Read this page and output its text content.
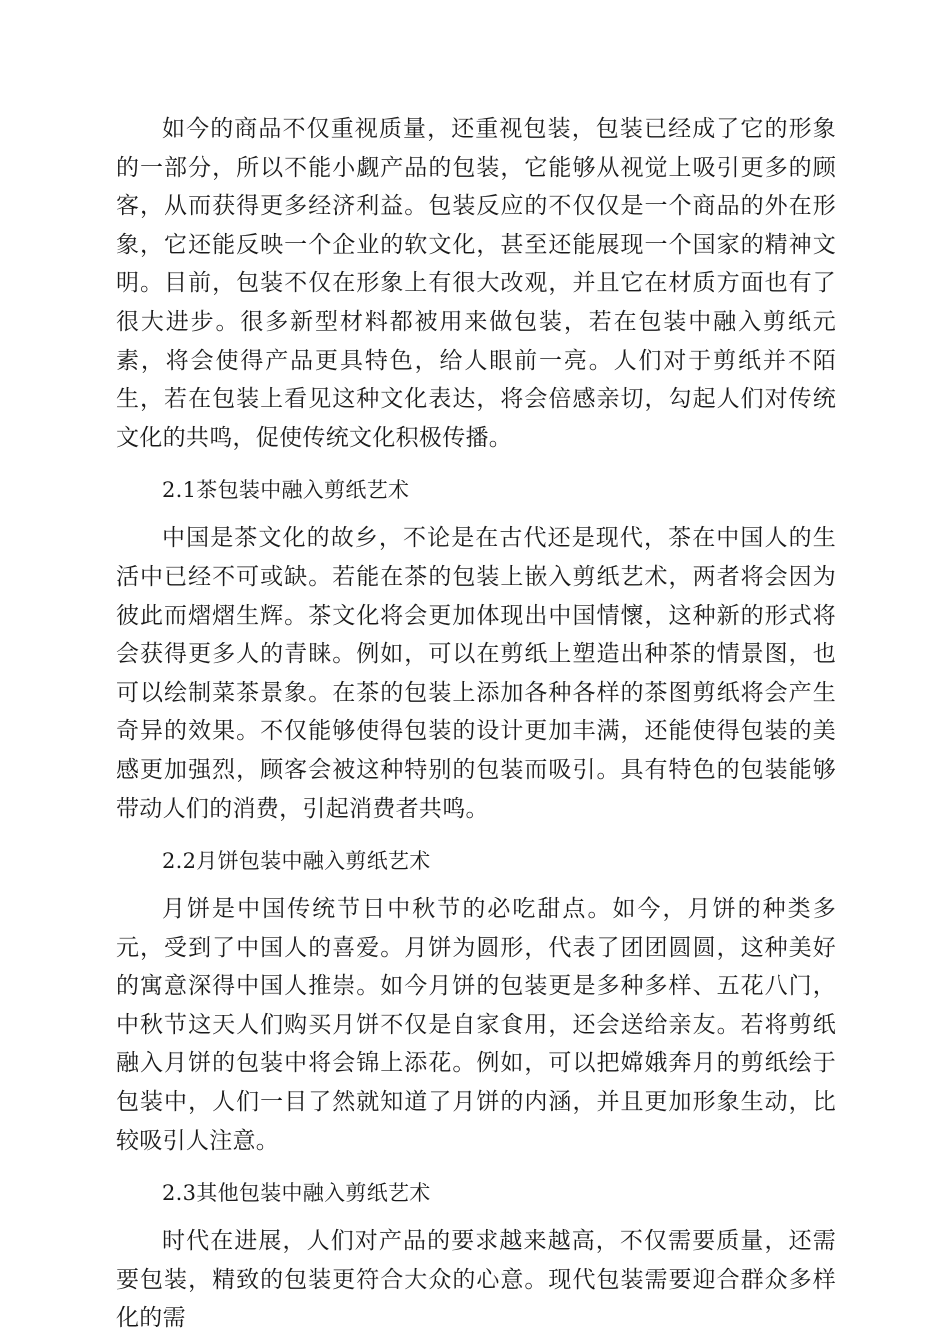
如今的商品不仅重视质量，还重视包装，包装已经成了它的形象的一部分，所以不能小觑产品的包装，它能够从视觉上吸引更多的顾客，从而获得更多经济利益。包装反应的不仅仅是一个商品的外在形象，它还能反映一个企业的软文化，甚至还能展现一个国家的精神文明。目前，包装不仅在形象上有很大改观，并且它在材质方面也有了很大进步。很多新型材料都被用来做包装，若在包装中融入剪纸元素，将会使得产品更具特色，给人眼前一亮。人们对于剪纸并不陌生，若在包装上看见这种文化表达，将会倍感亲切，勾起人们对传统文化的共鸣，促使传统文化积极传播。

2.1茶包装中融入剪纸艺术

中国是茶文化的故乡，不论是在古代还是现代，茶在中国人的生活中已经不可或缺。若能在茶的包装上嵌入剪纸艺术，两者将会因为彼此而熠熠生辉。茶文化将会更加体现出中国情懷，这种新的形式将会获得更多人的青睐。例如，可以在剪纸上塑造出种茶的情景图，也可以绘制菜茶景象。在茶的包装上添加各种各样的茶图剪纸将会产生奇异的效果。不仅能够使得包装的设计更加丰满，还能使得包装的美感更加强烈，顾客会被这种特别的包装而吸引。具有特色的包装能够带动人们的消费，引起消费者共鸣。

2.2月饼包装中融入剪纸艺术

月饼是中国传统节日中秋节的必吃甜点。如今，月饼的种类多元，受到了中国人的喜爱。月饼为圆形，代表了团团圆圆，这种美好的寓意深得中国人推崇。如今月饼的包装更是多种多样、五花八门，中秋节这天人们购买月饼不仅是自家食用，还会送给亲友。若将剪纸融入月饼的包装中将会锦上添花。例如，可以把嫦娥奔月的剪纸绘于包装中，人们一目了然就知道了月饼的内涵，并且更加形象生动，比较吸引人注意。

2.3其他包装中融入剪纸艺术

时代在进展，人们对产品的要求越来越高，不仅需要质量，还需要包装，精致的包装更符合大众的心意。现代包装需要迎合群众多样化的需
